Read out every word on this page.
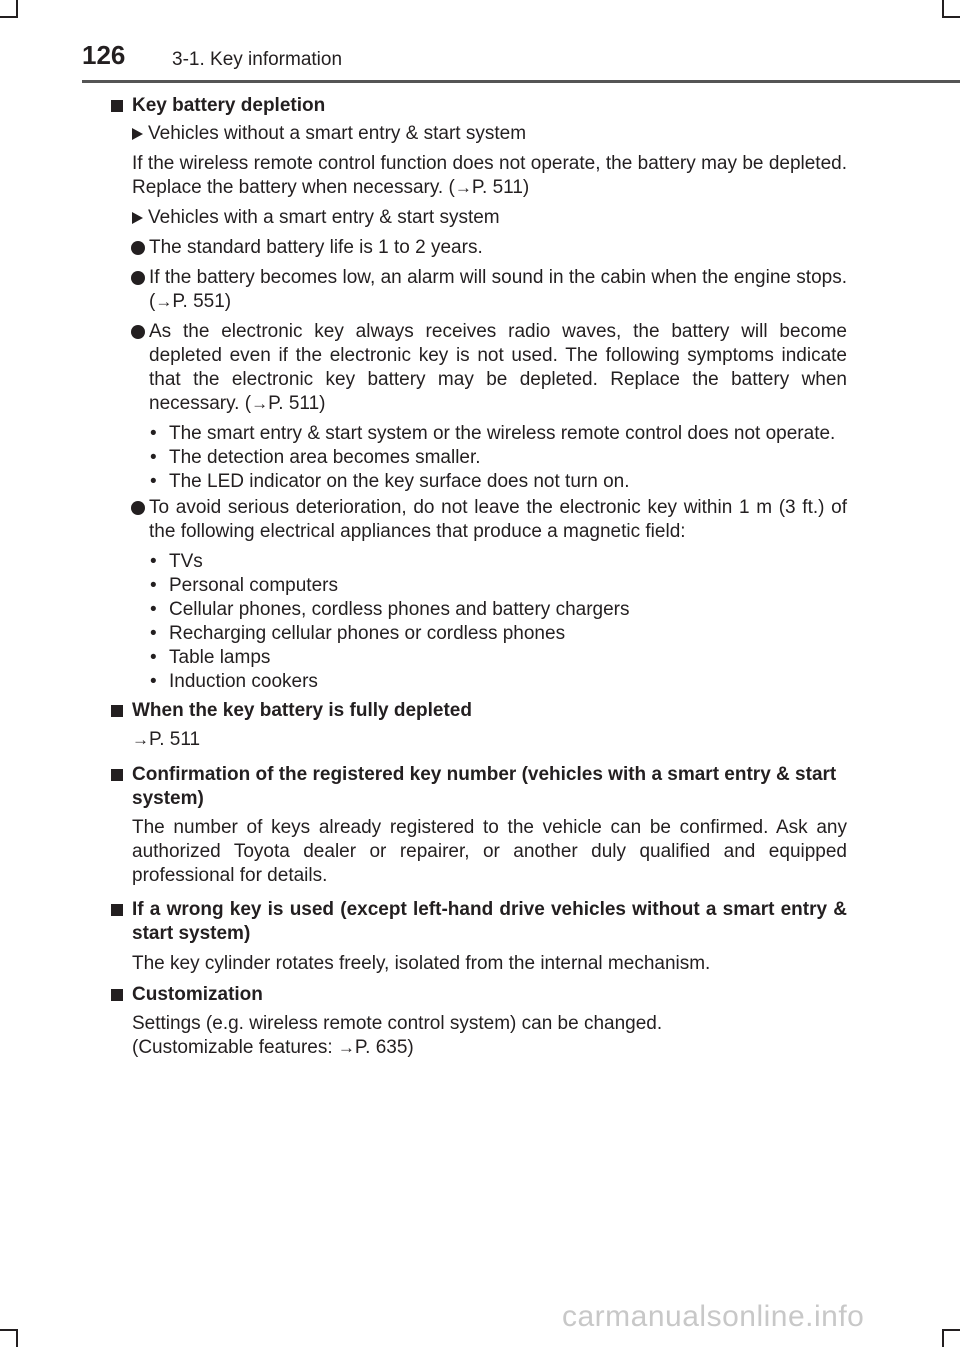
126 3-1. Key information
Key battery depletion
Vehicles without a smart entry & start system

If the wireless remote control function does not operate, the battery may be depleted. Replace the battery when necessary. (→P. 511)

Vehicles with a smart entry & start system

The standard battery life is 1 to 2 years.

If the battery becomes low, an alarm will sound in the cabin when the engine stops. (→P. 551)

As the electronic key always receives radio waves, the battery will become depleted even if the electronic key is not used. The following symptoms indicate that the electronic key battery may be depleted. Replace the battery when necessary. (→P. 511)

• The smart entry & start system or the wireless remote control does not operate.
• The detection area becomes smaller.
• The LED indicator on the key surface does not turn on.

To avoid serious deterioration, do not leave the electronic key within 1 m (3 ft.) of the following electrical appliances that produce a magnetic field:

• TVs
• Personal computers
• Cellular phones, cordless phones and battery chargers
• Recharging cellular phones or cordless phones
• Table lamps
• Induction cookers
When the key battery is fully depleted

→P. 511

Confirmation of the registered key number (vehicles with a smart entry & start system)

The number of keys already registered to the vehicle can be confirmed. Ask any authorized Toyota dealer or repairer, or another duly qualified and equipped professional for details.

If a wrong key is used (except left-hand drive vehicles without a smart entry & start system)

The key cylinder rotates freely, isolated from the internal mechanism.

Customization

Settings (e.g. wireless remote control system) can be changed.

(Customizable features: →P. 635)

carmanualsonline.info
